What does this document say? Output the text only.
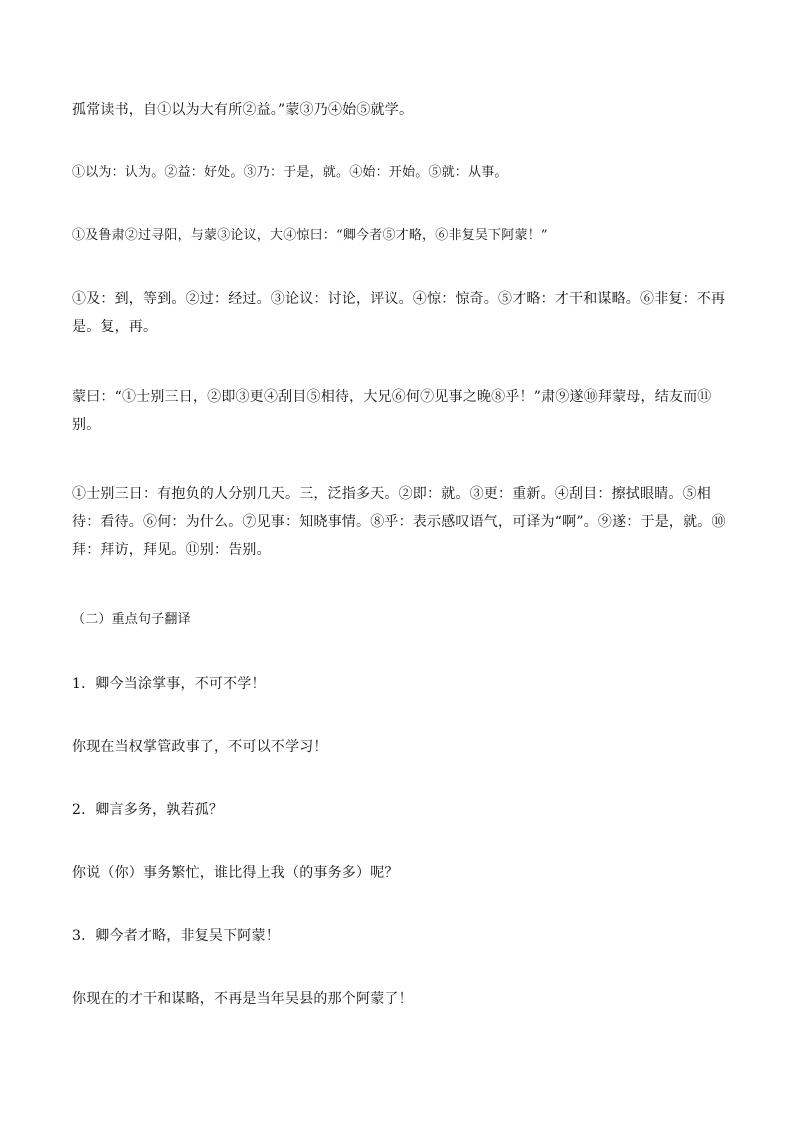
孤常读书，自①以为大有所②益。”蒙③乃④始⑤就学。

①以为：认为。②益：好处。③乃：于是，就。④始：开始。⑤就：从事。

①及鲁肃②过寻阳，与蒙③论议，大④惊曰：“卿今者⑤才略，⑥非复吴下阿蒙！”

①及：到，等到。②过：经过。③论议：讨论，评议。④惊：惊奇。⑤才略：才干和谋略。⑥非复：不再是。复，再。

蒙曰：“①士别三日，②即③更④刮目⑤相待，大兄⑥何⑦见事之晚⑧乎！”肃⑨遂⑩拜蒙母，结友而⑪别。

①士别三日：有抱负的人分别几天。三，泛指多天。②即：就。③更：重新。④刮目：擦拭眼睛。⑤相待：看待。⑥何：为什么。⑦见事：知晓事情。⑧乎：表示感叹语气，可译为“啊”。⑨遂：于是，就。⑩拜：拜访，拜见。⑪别：告别。

（二）重点句子翻译

1．卿今当涂掌事，不可不学！

你现在当权掌管政事了，不可以不学习！

2．卿言多务，孰若孤？

你说（你）事务繁忙，谁比得上我（的事务多）呢？

3．卿今者才略，非复吴下阿蒙！

你现在的才干和谋略，不再是当年吴县的那个阿蒙了！
